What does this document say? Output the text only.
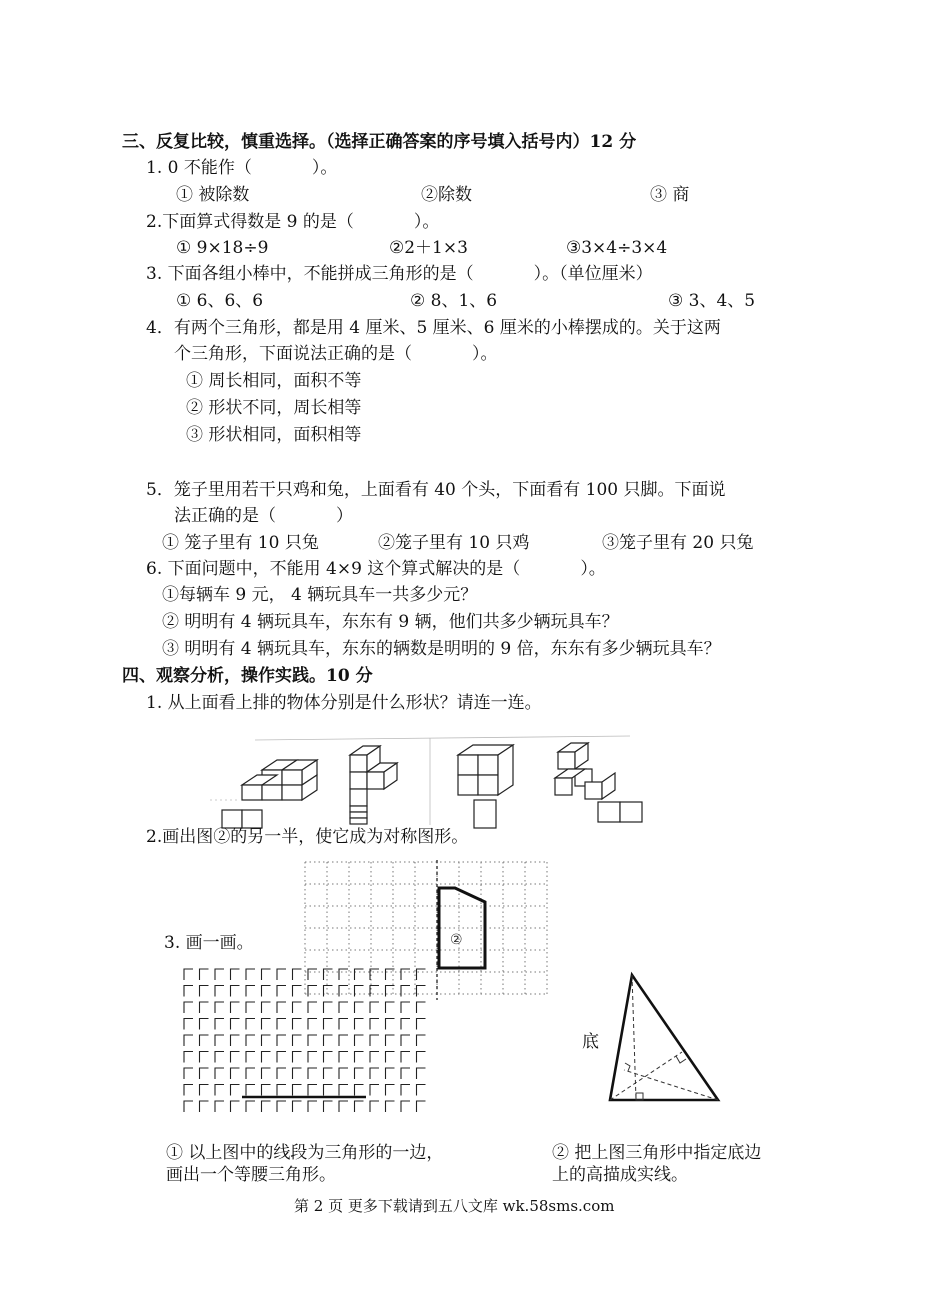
三、反复比较，慎重选择。（选择正确答案的序号填入括号内）12 分
1. 0 不能作（	）。
① 被除数	②除数	③ 商
2.下面算式得数是 9 的是（	）。
① 9×18÷9	②2＋1×3	③3×4÷3×4
3. 下面各组小棒中，不能拼成三角形的是（	）。（单位厘米）
① 6、6、6	② 8、1、6	③ 3、4、5
4．有两个三角形，都是用 4 厘米、5 厘米、6 厘米的小棒摆成的。关于这两
个三角形，下面说法正确的是（	）。
① 周长相同，面积不等
② 形状不同，周长相等
③ 形状相同，面积相等
5．笼子里用若干只鸡和兔，上面看有 40 个头，下面看有 100 只脚。下面说
法正确的是（	）
① 笼子里有 10 只兔	②笼子里有 10 只鸡	③笼子里有 20 只兔
6. 下面问题中，不能用 4×9 这个算式解决的是（	）。
①每辆车 9 元， 4 辆玩具车一共多少元？
② 明明有 4 辆玩具车，东东有 9 辆，他们共多少辆玩具车？
③ 明明有 4 辆玩具车，东东的辆数是明明的 9 倍，东东有多少辆玩具车？
四、观察分析，操作实践。10 分
1. 从上面看上排的物体分别是什么形状？请连一连。
2.画出图②的另一半，使它成为对称图形。
②
3. 画一画。
底
① 以上图中的线段为三角形的一边，
画出一个等腰三角形。
② 把上图三角形中指定底边
上的高描成实线。
第 2 页 更多下载请到五八文库 wk.58sms.com
